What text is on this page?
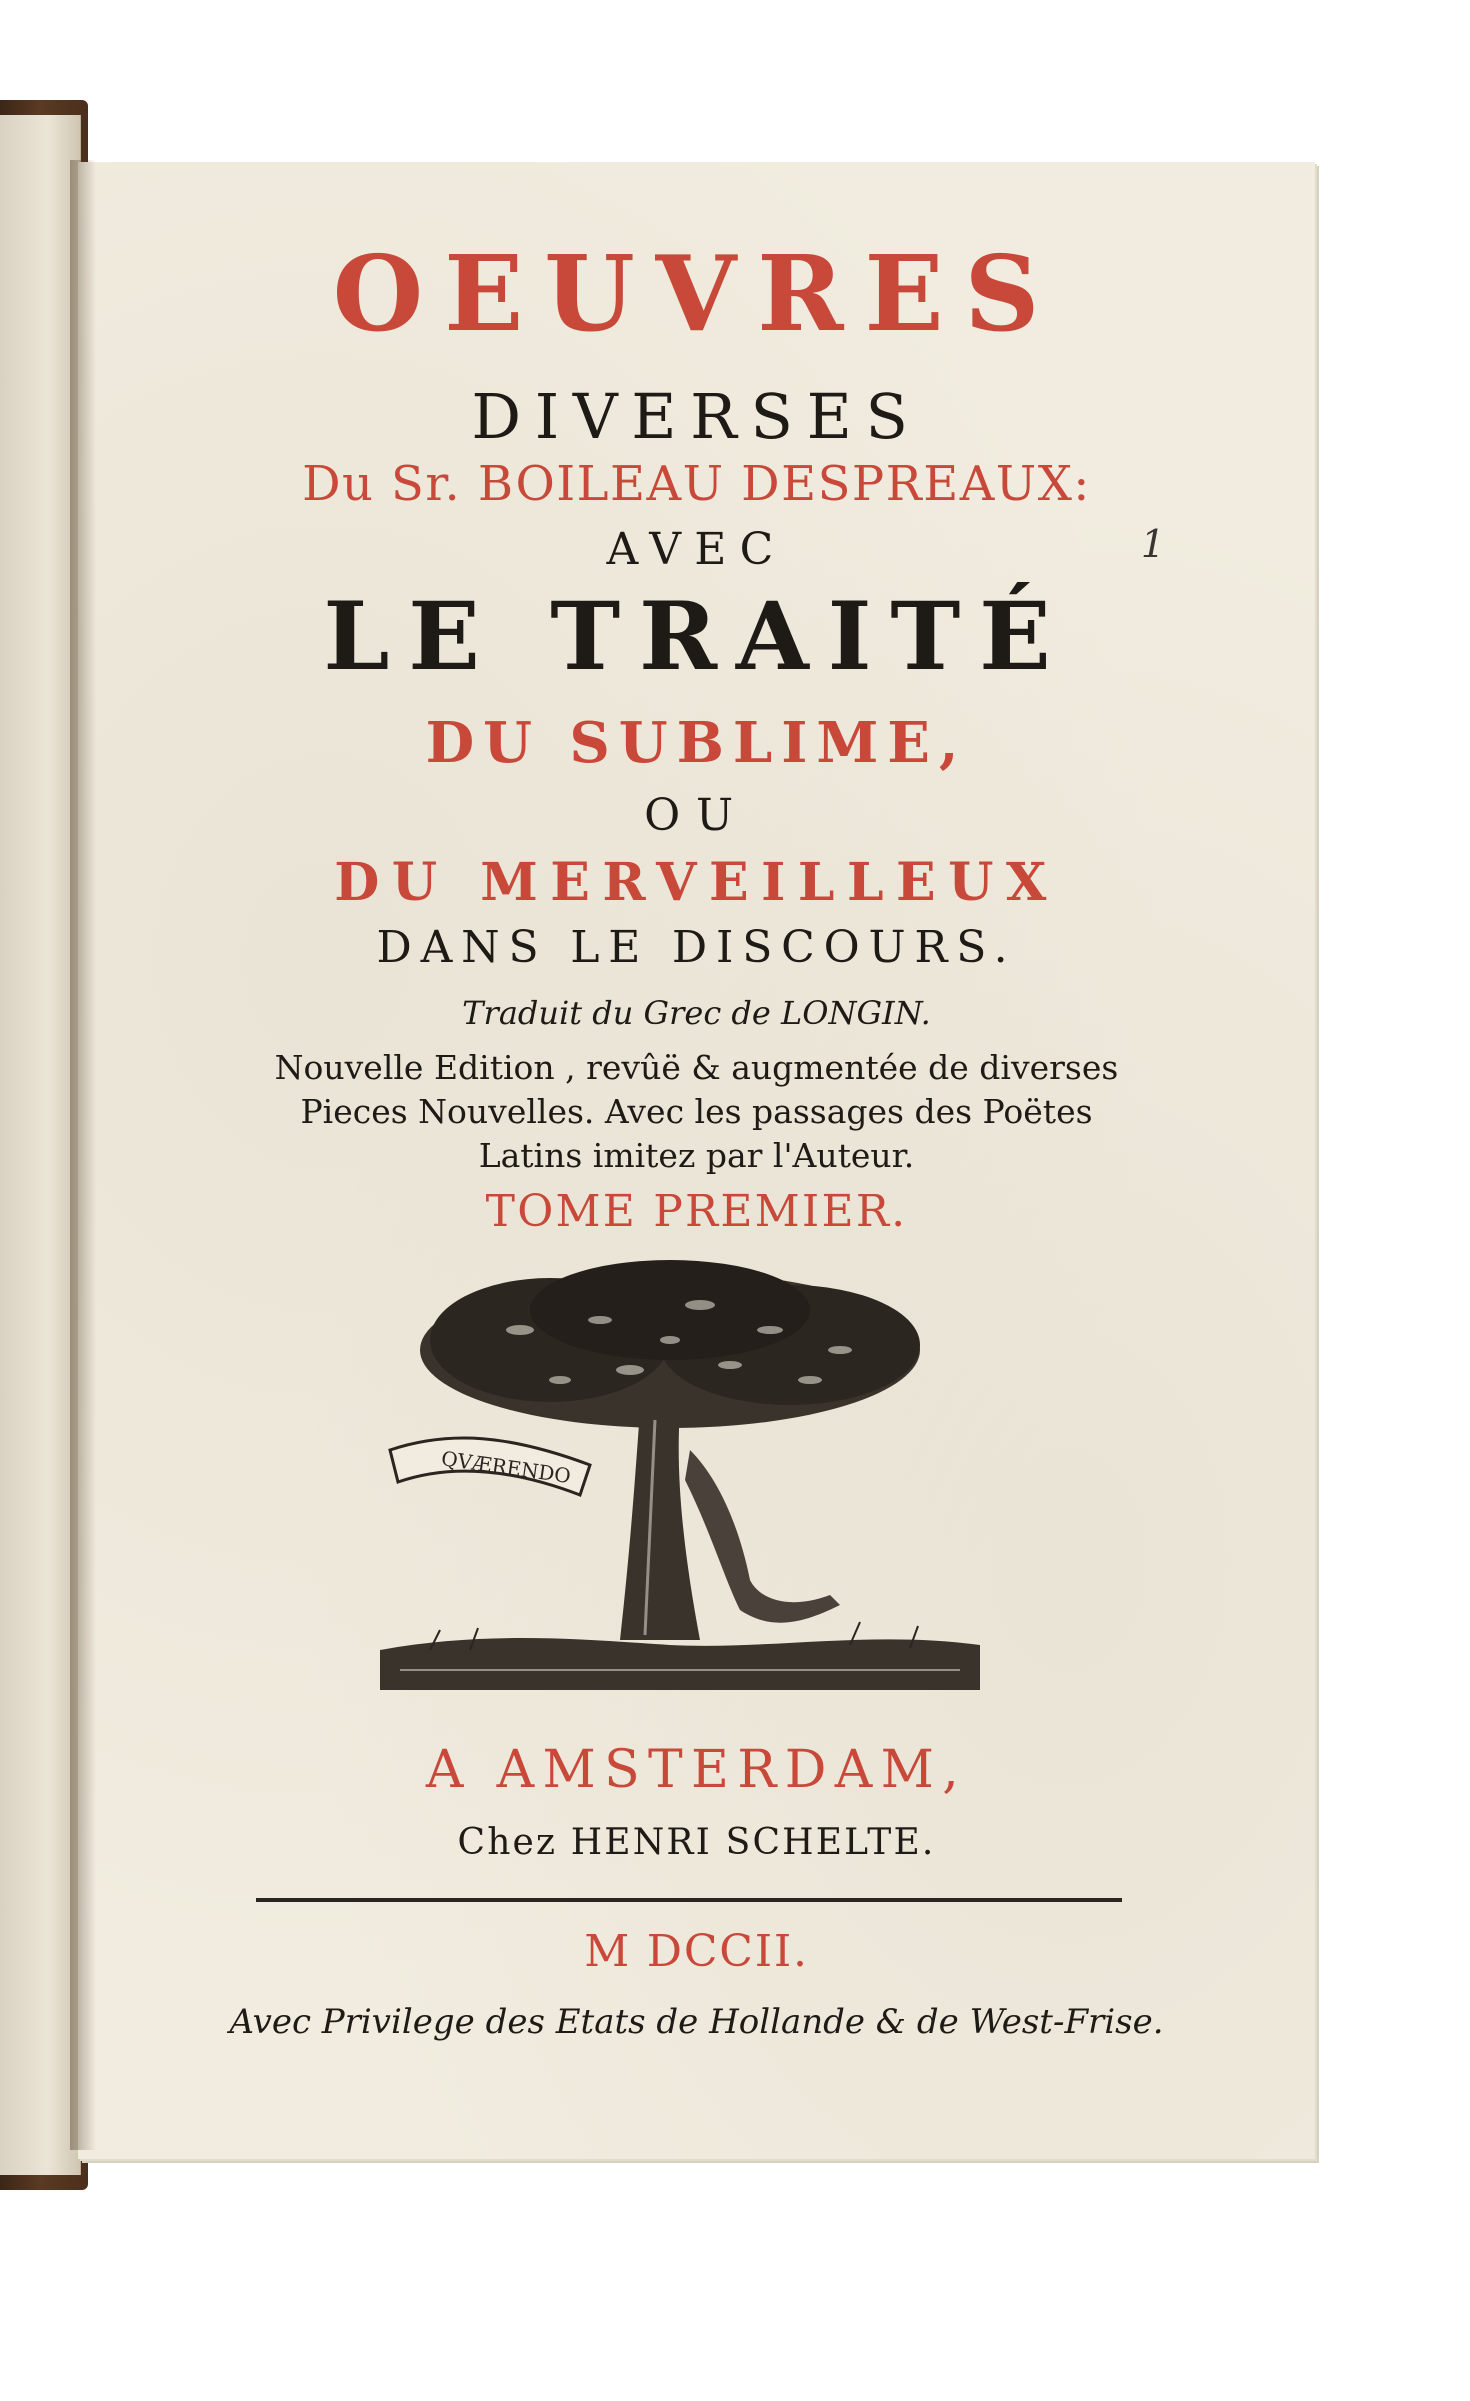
OEUVRES

DIVERSES

Du Sr. BOILEAU DESPREAUX:

AVEC

LE TRAITÉ

DU SUBLIME,

OU

DU MERVEILLEUX

DANS LE DISCOURS.

Traduit du Grec de LONGIN.

Nouvelle Edition , revûë & augmentée de diverses

Pieces Nouvelles. Avec les passages des Poëtes

Latins imitez par l'Auteur.

TOME PREMIER.

QVÆRENDO

A AMSTERDAM,

Chez HENRI SCHELTE.

M DCCII.

Avec Privilege des Etats de Hollande & de West-Frise.

1
